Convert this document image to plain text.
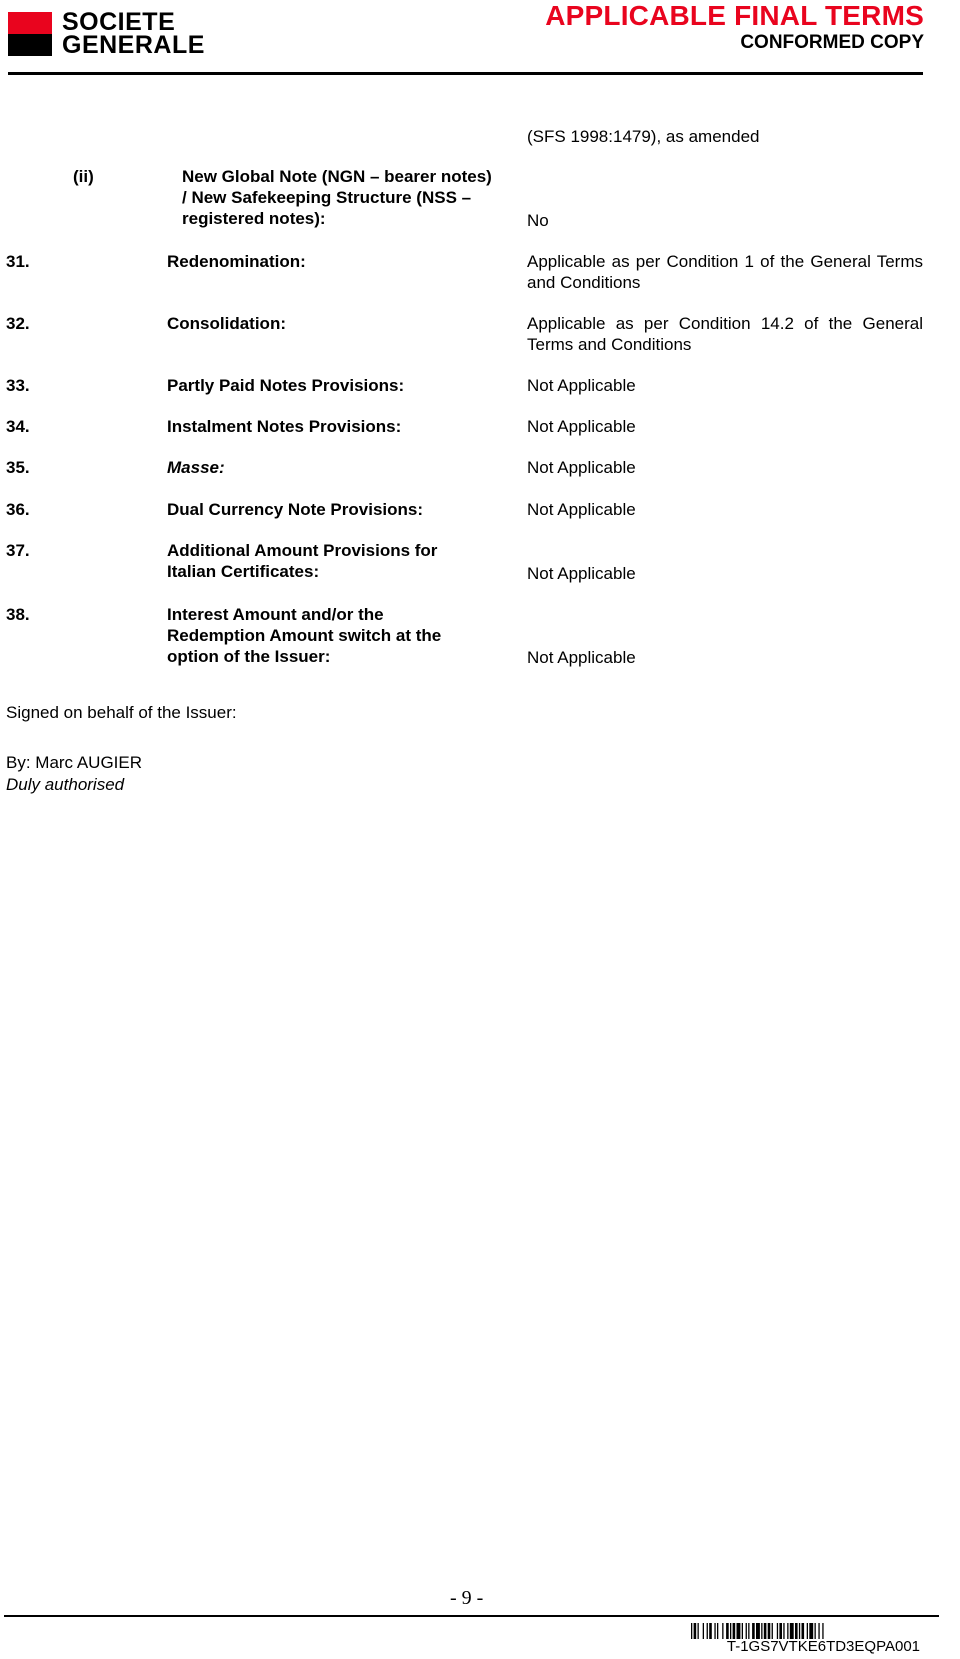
SOCIETE
GENERALE
APPLICABLE FINAL TERMS
CONFORMED COPY
(SFS 1998:1479), as amended
(ii)	New Global Note (NGN – bearer notes) / New Safekeeping Structure (NSS – registered notes):	No
31.	Redenomination:	Applicable as per Condition 1 of the General Terms and Conditions
32.	Consolidation:	Applicable as per Condition 14.2 of the General Terms and Conditions
33.	Partly Paid Notes Provisions:	Not Applicable
34.	Instalment Notes Provisions:	Not Applicable
35.	Masse:	Not Applicable
36.	Dual Currency Note Provisions:	Not Applicable
37.	Additional Amount Provisions for Italian Certificates:	Not Applicable
38.	Interest Amount and/or the Redemption Amount switch at the option of the Issuer:	Not Applicable
Signed on behalf of the Issuer:
By: Marc AUGIER
Duly authorised
- 9 -
T-1GS7VTKE6TD3EQPA001
